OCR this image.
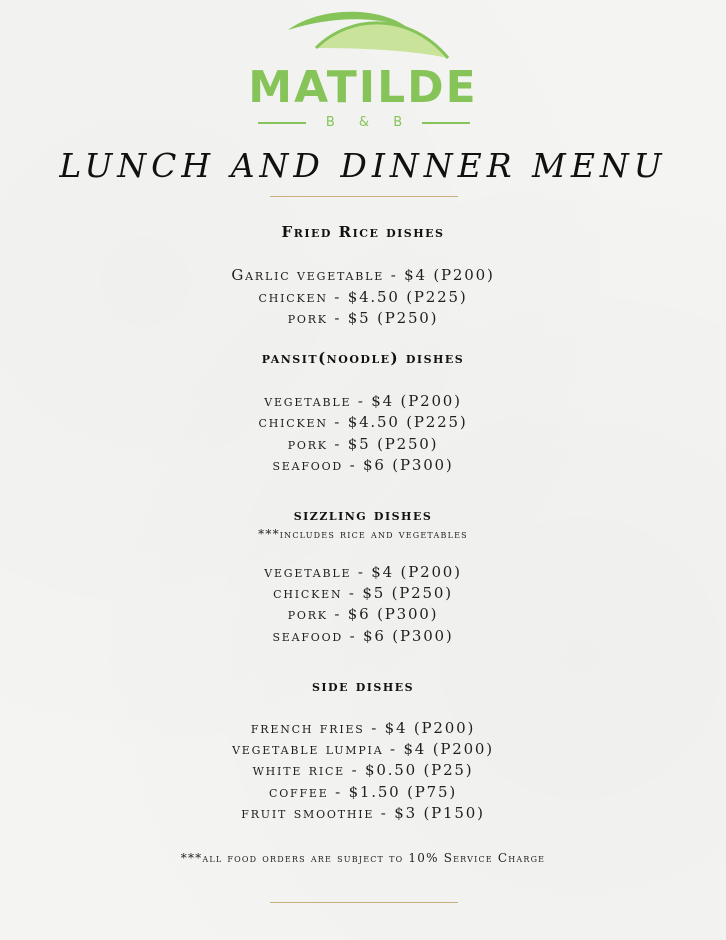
MATILDE
B & B
LUNCH AND DINNER MENU
Fried Rice dishes
Garlic vegetable - $4 (P200)
chicken - $4.50 (P225)
pork - $5 (P250)
pansit(noodle) dishes
vegetable - $4 (P200)
chicken - $4.50 (P225)
pork - $5 (P250)
seafood - $6 (P300)
sizzling dishes
***includes rice and vegetables
vegetable - $4 (P200)
chicken - $5 (P250)
pork - $6 (P300)
seafood - $6 (P300)
side dishes
french fries - $4 (P200)
vegetable lumpia - $4 (P200)
white rice - $0.50 (P25)
coffee - $1.50 (P75)
fruit smoothie - $3 (P150)
***all food orders are subject to 10% Service Charge
